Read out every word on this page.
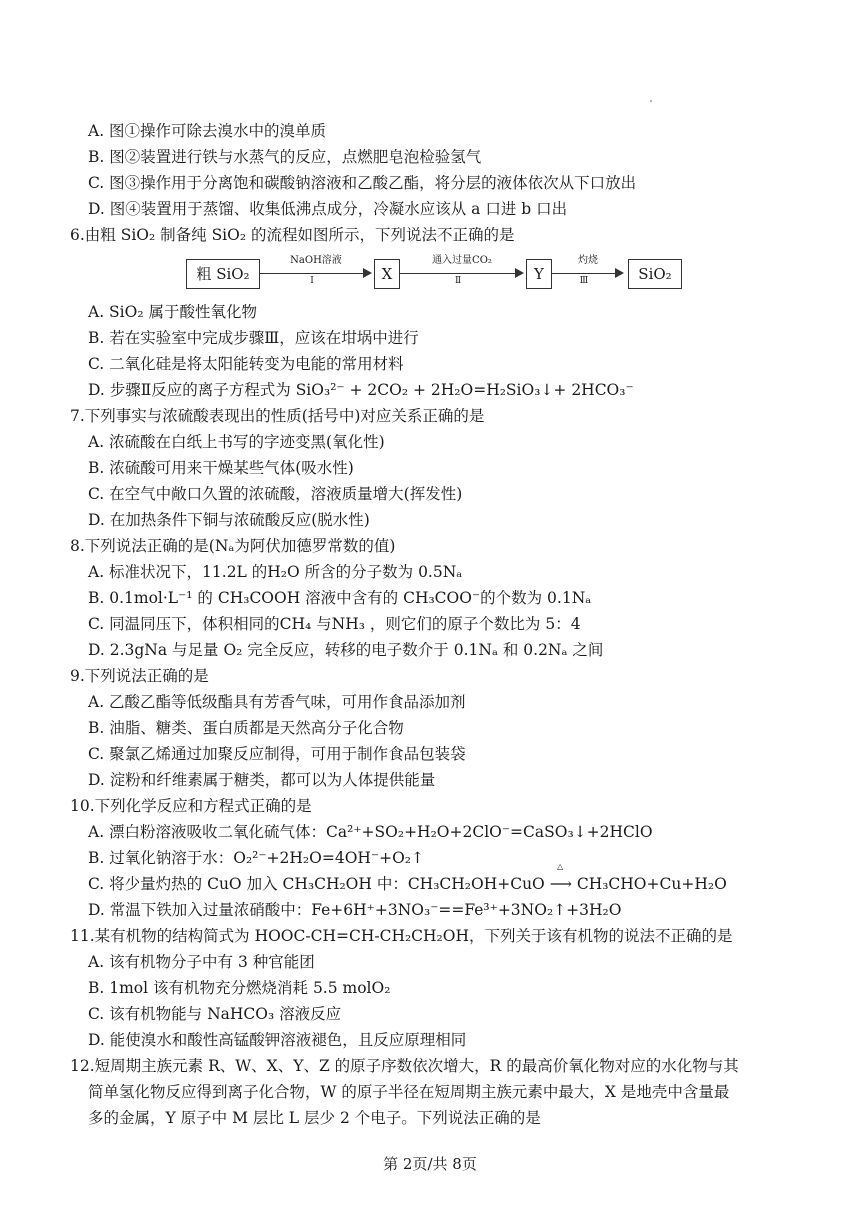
A. 图①操作可除去溴水中的溴单质
B. 图②装置进行铁与水蒸气的反应，点燃肥皂泡检验氢气
C. 图③操作用于分离饱和碳酸钠溶液和乙酸乙酯，将分层的液体依次从下口放出
D. 图④装置用于蒸馏、收集低沸点成分，冷凝水应该从 a 口进 b 口出
6.由粗 SiO₂ 制备纯 SiO₂ 的流程如图所示，下列说法不正确的是
粗 SiO₂
NaOH溶液
Ⅰ	X
通入过量CO₂
Ⅱ	Y
灼烧
Ⅲ	SiO₂
A. SiO₂ 属于酸性氧化物
B. 若在实验室中完成步骤Ⅲ，应该在坩埚中进行
C. 二氧化硅是将太阳能转变为电能的常用材料
D. 步骤Ⅱ反应的离子方程式为 SiO₃²⁻ + 2CO₂ + 2H₂O=H₂SiO₃↓+ 2HCO₃⁻
7.下列事实与浓硫酸表现出的性质(括号中)对应关系正确的是
A. 浓硫酸在白纸上书写的字迹变黑(氧化性)
B. 浓硫酸可用来干燥某些气体(吸水性)
C. 在空气中敞口久置的浓硫酸，溶液质量增大(挥发性)
D. 在加热条件下铜与浓硫酸反应(脱水性)
8.下列说法正确的是(Nₐ为阿伏加德罗常数的值)
A. 标准状况下，11.2L 的H₂O 所含的分子数为 0.5Nₐ
B. 0.1mol·L⁻¹ 的 CH₃COOH 溶液中含有的 CH₃COO⁻的个数为 0.1Nₐ
C. 同温同压下，体积相同的CH₄ 与NH₃ ，则它们的原子个数比为 5：4
D. 2.3gNa 与足量 O₂ 完全反应，转移的电子数介于 0.1Nₐ 和 0.2Nₐ 之间
9.下列说法正确的是
A. 乙酸乙酯等低级酯具有芳香气味，可用作食品添加剂
B. 油脂、糖类、蛋白质都是天然高分子化合物
C. 聚氯乙烯通过加聚反应制得，可用于制作食品包装袋
D. 淀粉和纤维素属于糖类，都可以为人体提供能量
10.下列化学反应和方程式正确的是
A. 漂白粉溶液吸收二氧化硫气体：Ca²⁺+SO₂+H₂O+2ClO⁻=CaSO₃↓+2HClO
B. 过氧化钠溶于水：O₂²⁻+2H₂O=4OH⁻+O₂↑
C. 将少量灼热的 CuO 加入 CH₃CH₂OH 中：CH₃CH₂OH+CuO ⟶ CH₃CHO+Cu+H₂O
△
D. 常温下铁加入过量浓硝酸中：Fe+6H⁺+3NO₃⁻==Fe³⁺+3NO₂↑+3H₂O
11.某有机物的结构简式为 HOOC-CH=CH-CH₂CH₂OH，下列关于该有机物的说法不正确的是
A. 该有机物分子中有 3 种官能团
B. 1mol 该有机物充分燃烧消耗 5.5 molO₂
C. 该有机物能与 NaHCO₃ 溶液反应
D. 能使溴水和酸性高锰酸钾溶液褪色，且反应原理相同
12.短周期主族元素 R、W、X、Y、Z 的原子序数依次增大，R 的最高价氧化物对应的水化物与其
简单氢化物反应得到离子化合物，W 的原子半径在短周期主族元素中最大，X 是地壳中含量最
多的金属，Y 原子中 M 层比 L 层少 2 个电子。下列说法正确的是
第 2页/共 8页
